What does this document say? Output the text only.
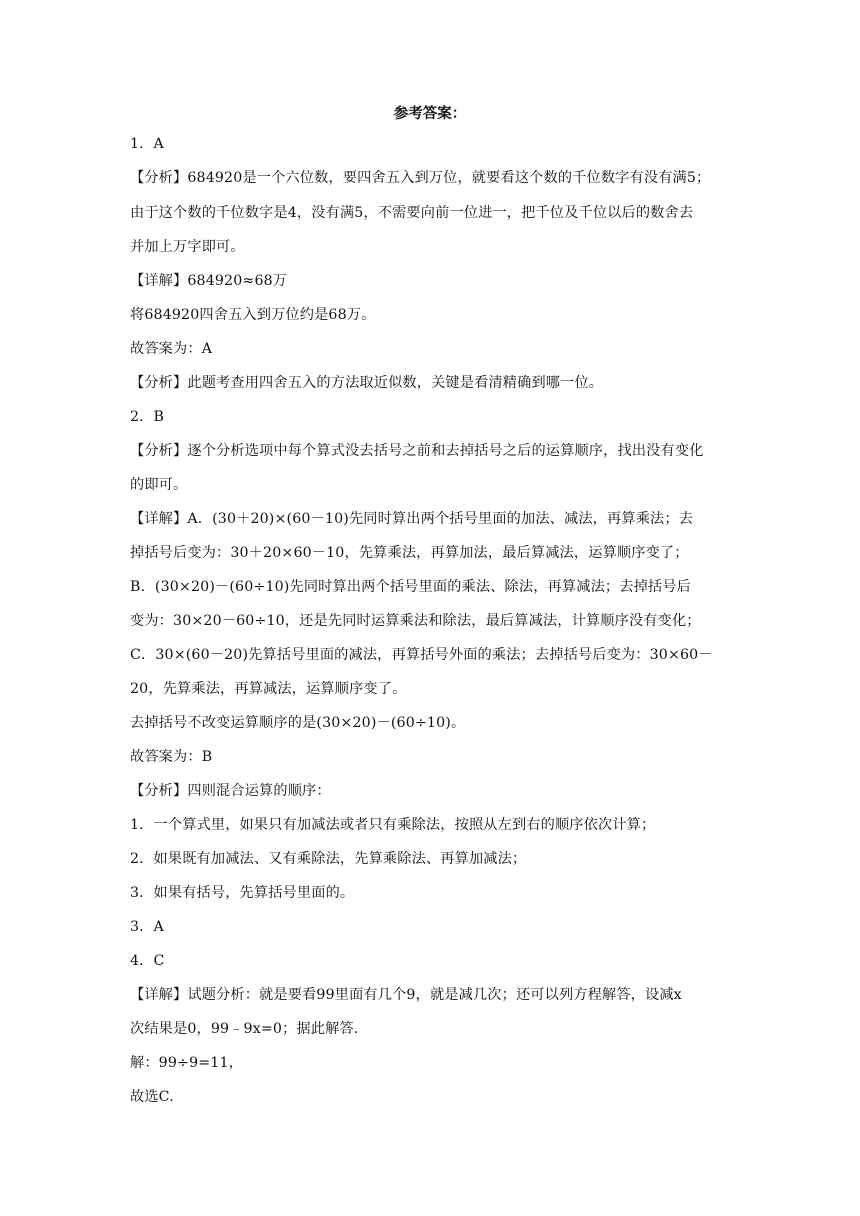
参考答案：
1．A
【分析】684920是一个六位数，要四舍五入到万位，就要看这个数的千位数字有没有满5；
由于这个数的千位数字是4，没有满5，不需要向前一位进一，把千位及千位以后的数舍去
并加上万字即可。
【详解】684920≈68万
将684920四舍五入到万位约是68万。
故答案为：A
【分析】此题考查用四舍五入的方法取近似数，关键是看清精确到哪一位。
2．B
【分析】逐个分析选项中每个算式没去括号之前和去掉括号之后的运算顺序，找出没有变化
的即可。
【详解】A．(30＋20)×(60－10)先同时算出两个括号里面的加法、减法，再算乘法；去
掉括号后变为：30＋20×60－10，先算乘法，再算加法，最后算减法，运算顺序变了；
B．(30×20)－(60÷10)先同时算出两个括号里面的乘法、除法，再算减法；去掉括号后
变为：30×20－60÷10，还是先同时运算乘法和除法，最后算减法，计算顺序没有变化；
C．30×(60－20)先算括号里面的减法，再算括号外面的乘法；去掉括号后变为：30×60－
20，先算乘法，再算减法，运算顺序变了。
去掉括号不改变运算顺序的是(30×20)－(60÷10)。
故答案为：B
【分析】四则混合运算的顺序：
1．一个算式里，如果只有加减法或者只有乘除法，按照从左到右的顺序依次计算；
2．如果既有加减法、又有乘除法，先算乘除法、再算加减法；
3．如果有括号，先算括号里面的。
3．A
4．C
【详解】试题分析：就是要看99里面有几个9，就是减几次；还可以列方程解答，设减x
次结果是0，99﹣9x=0；据此解答.
解：99÷9=11，
故选C.
